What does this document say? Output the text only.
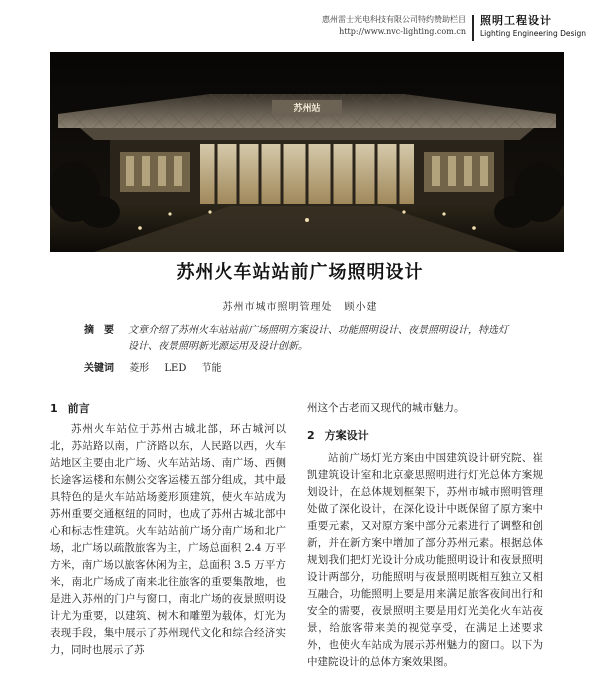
惠州雷士光电科技有限公司特约赞助栏目
http://www.nvc-lighting.com.cn
照明工程设计
Lighting Engineering Design
苏州站
苏州火车站站前广场照明设计
苏州市城市照明管理处 顾小建
摘　要 文章介绍了苏州火车站站前广场照明方案设计、功能照明设计、夜景照明设计，特选灯设计、夜景照明新光源运用及设计创新。
关键词 菱形 LED 节能
1 前言

苏州火车站位于苏州古城北部，环古城河以北，苏站路以南，广济路以东，人民路以西，火车站地区主要由北广场、火车站站场、南广场、西侧长途客运楼和东侧公交客运楼五部分组成，其中最具特色的是火车站站场菱形顶建筑，使火车站成为苏州重要交通枢纽的同时，也成了苏州古城北部中心和标志性建筑。火车站站前广场分南广场和北广场，北广场以疏散旅客为主，广场总面积 2.4 万平方米，南广场以旅客休闲为主，总面积 3.5 万平方米，南北广场成了南来北往旅客的重要集散地，也是进入苏州的门户与窗口，南北广场的夜景照明设计尤为重要，以建筑、树木和雕塑为载体，灯光为表现手段，集中展示了苏州现代文化和综合经济实力，同时也展示了苏

州这个古老而又现代的城市魅力。

2 方案设计

站前广场灯光方案由中国建筑设计研究院、崔凯建筑设计室和北京豪思照明进行灯光总体方案规划设计，在总体规划框架下，苏州市城市照明管理处做了深化设计，在深化设计中既保留了原方案中重要元素，又对原方案中部分元素进行了调整和创新，并在新方案中增加了部分苏州元素。根据总体规划我们把灯光设计分成功能照明设计和夜景照明设计两部分，功能照明与夜景照明既相互独立又相互融合，功能照明上要是用来满足旅客夜间出行和安全的需要，夜景照明主要是用灯光美化火车站夜景，给旅客带来美的视觉享受，在满足上述要求外，也使火车站成为展示苏州魅力的窗口。以下为中建院设计的总体方案效果图。
